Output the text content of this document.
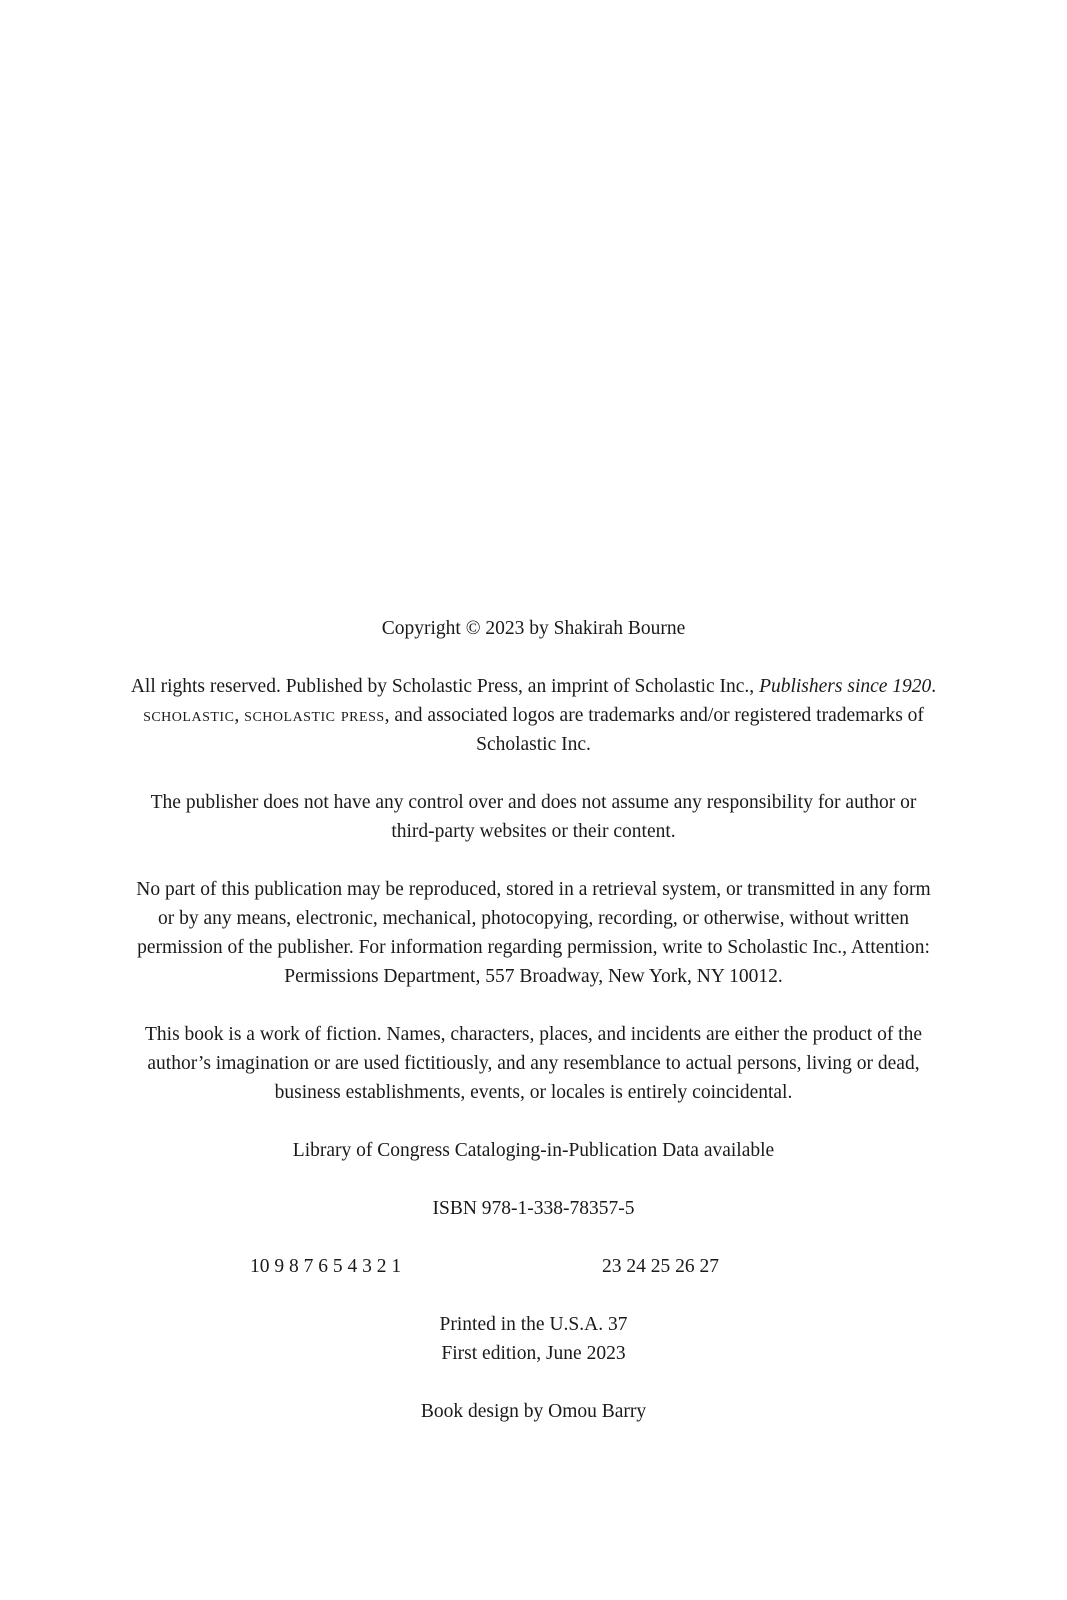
Copyright © 2023 by Shakirah Bourne

All rights reserved. Published by Scholastic Press, an imprint of Scholastic Inc., Publishers since 1920. scholastic, scholastic press, and associated logos are trademarks and/or registered trademarks of Scholastic Inc.

The publisher does not have any control over and does not assume any responsibility for author or third-party websites or their content.

No part of this publication may be reproduced, stored in a retrieval system, or transmitted in any form or by any means, electronic, mechanical, photocopying, recording, or otherwise, without written permission of the publisher. For information regarding permission, write to Scholastic Inc., Attention: Permissions Department, 557 Broadway, New York, NY 10012.

This book is a work of fiction. Names, characters, places, and incidents are either the product of the author’s imagination or are used fictitiously, and any resemblance to actual persons, living or dead, business establishments, events, or locales is entirely coincidental.

Library of Congress Cataloging-in-Publication Data available

ISBN 978-1-338-78357-5

10 9 8 7 6 5 4 3 2 1	23 24 25 26 27

Printed in the U.S.A. 37

First edition, June 2023

Book design by Omou Barry
